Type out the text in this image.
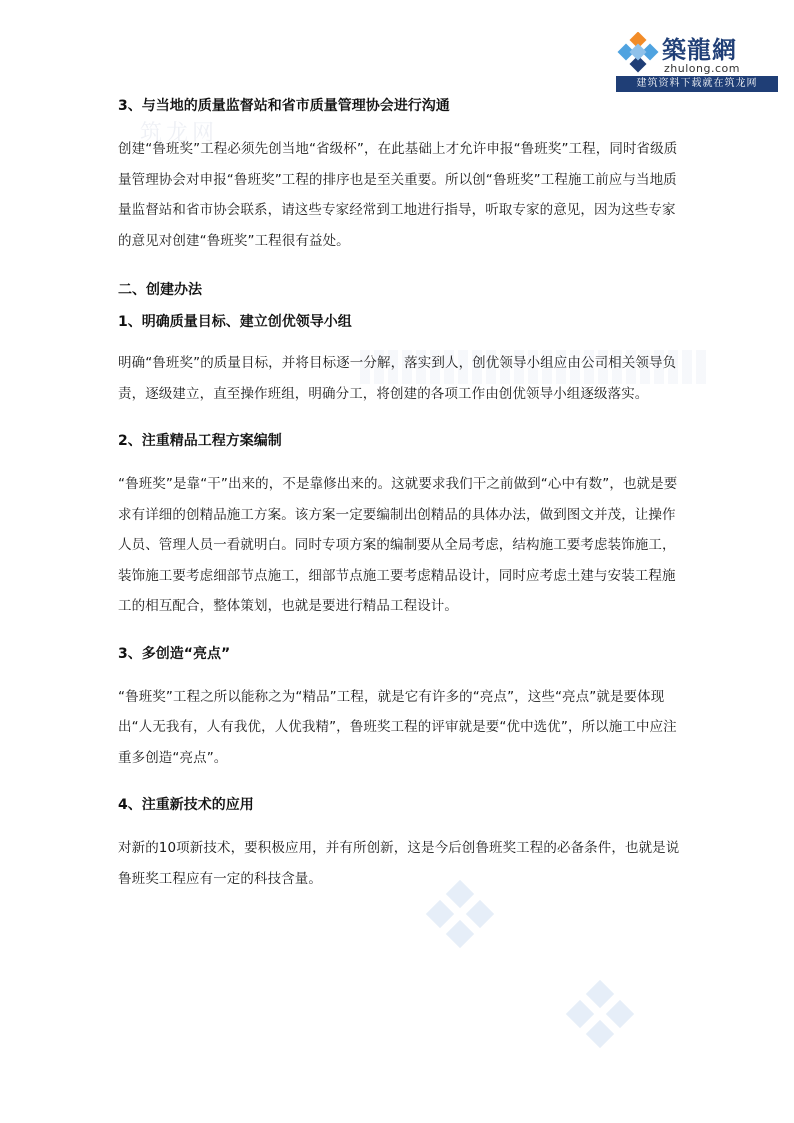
筑龙网
築龍網
zhulong.com
建筑资料下载就在筑龙网
3、与当地的质量监督站和省市质量管理协会进行沟通

创建“鲁班奖”工程必须先创当地“省级杯”，在此基础上才允许申报“鲁班奖”工程，同时省级质量管理协会对申报“鲁班奖”工程的排序也是至关重要。所以创“鲁班奖”工程施工前应与当地质量监督站和省市协会联系，请这些专家经常到工地进行指导，听取专家的意见，因为这些专家的意见对创建“鲁班奖”工程很有益处。

二、创建办法
1、明确质量目标、建立创优领导小组

明确“鲁班奖”的质量目标，并将目标逐一分解，落实到人，创优领导小组应由公司相关领导负责，逐级建立，直至操作班组，明确分工，将创建的各项工作由创优领导小组逐级落实。

2、注重精品工程方案编制

“鲁班奖”是靠“干”出来的，不是靠修出来的。这就要求我们干之前做到“心中有数”，也就是要求有详细的创精品施工方案。该方案一定要编制出创精品的具体办法，做到图文并茂，让操作人员、管理人员一看就明白。同时专项方案的编制要从全局考虑，结构施工要考虑装饰施工，装饰施工要考虑细部节点施工，细部节点施工要考虑精品设计，同时应考虑土建与安装工程施工的相互配合，整体策划，也就是要进行精品工程设计。

3、多创造“亮点”

“鲁班奖”工程之所以能称之为“精品”工程，就是它有许多的“亮点”，这些“亮点”就是要体现出“人无我有，人有我优，人优我精”，鲁班奖工程的评审就是要“优中选优”，所以施工中应注重多创造“亮点”。

4、注重新技术的应用

对新的10项新技术，要积极应用，并有所创新，这是今后创鲁班奖工程的必备条件，也就是说鲁班奖工程应有一定的科技含量。
